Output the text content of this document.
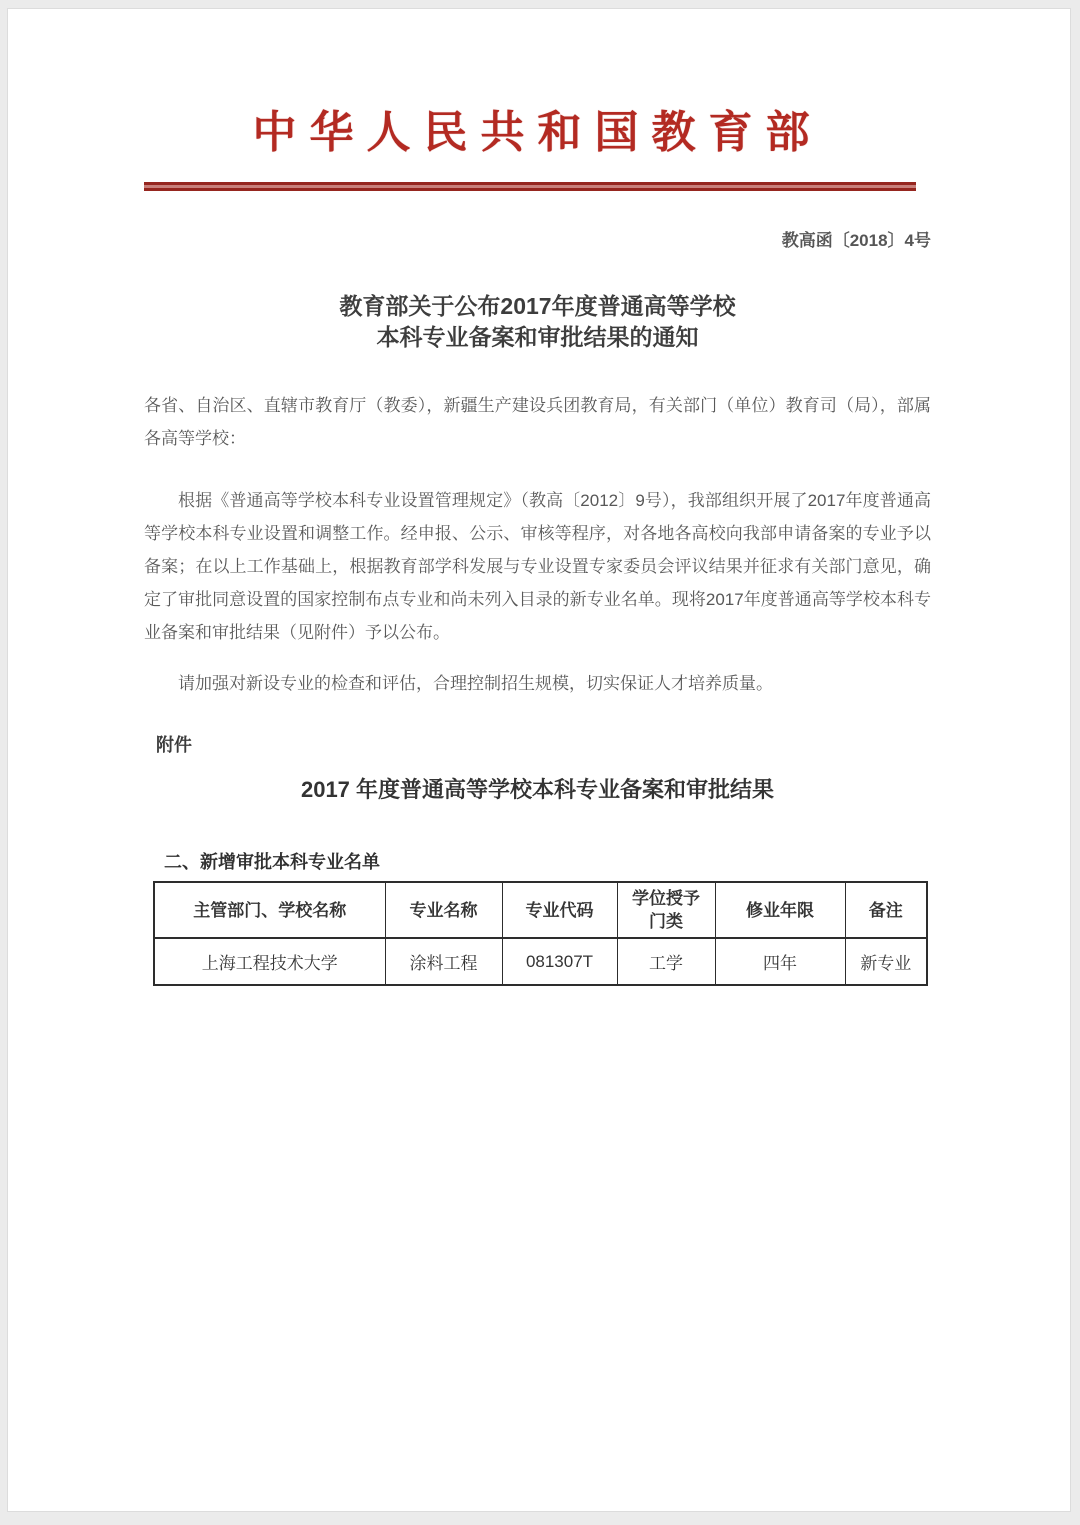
中华人民共和国教育部
教高函〔2018〕4号
教育部关于公布2017年度普通高等学校
本科专业备案和审批结果的通知
各省、自治区、直辖市教育厅（教委），新疆生产建设兵团教育局，有关部门（单位）教育司（局），部属各高等学校：

根据《普通高等学校本科专业设置管理规定》（教高〔2012〕9号），我部组织开展了2017年度普通高等学校本科专业设置和调整工作。经申报、公示、审核等程序，对各地各高校向我部申请备案的专业予以备案；在以上工作基础上，根据教育部学科发展与专业设置专家委员会评议结果并征求有关部门意见，确定了审批同意设置的国家控制布点专业和尚未列入目录的新专业名单。现将2017年度普通高等学校本科专业备案和审批结果（见附件）予以公布。

请加强对新设专业的检查和评估，合理控制招生规模，切实保证人才培养质量。

附件
2017 年度普通高等学校本科专业备案和审批结果
二、新增审批本科专业名单
主管部门、学校名称	专业名称	专业代码	学位授予门类	修业年限	备注
上海工程技术大学	涂料工程	081307T	工学	四年	新专业
